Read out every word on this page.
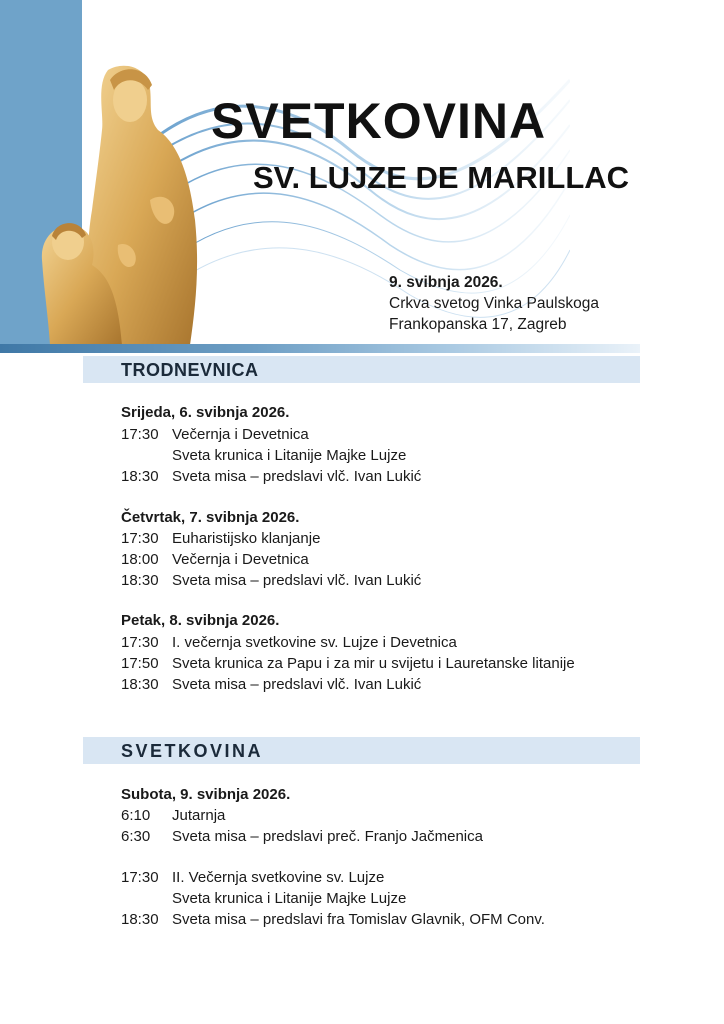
SVETKOVINA
SV. LUJZE DE MARILLAC
9. svibnja 2026.
Crkva svetog Vinka Paulskoga
Frankopanska 17, Zagreb
TRODNEVNICA
Srijeda, 6. svibnja 2026.
17:30 Večernja i Devetnica
Sveta krunica i Litanije Majke Lujze
18:30 Sveta misa – predslavi vlč. Ivan Lukić
Četvrtak, 7. svibnja 2026.
17:30 Euharistijsko klanjanje
18:00 Večernja i Devetnica
18:30 Sveta misa – predslavi vlč. Ivan Lukić
Petak, 8. svibnja 2026.
17:30 I. večernja svetkovine sv. Lujze i Devetnica
17:50 Sveta krunica za Papu i za mir u svijetu i Lauretanske litanije
18:30 Sveta misa – predslavi vlč. Ivan Lukić
SVETKOVINA
Subota, 9. svibnja 2026.
6:10 Jutarnja
6:30 Sveta misa – predslavi preč. Franjo Jačmenica
17:30 II. Večernja svetkovine sv. Lujze
Sveta krunica i Litanije Majke Lujze
18:30 Sveta misa – predslavi fra Tomislav Glavnik, OFM Conv.
